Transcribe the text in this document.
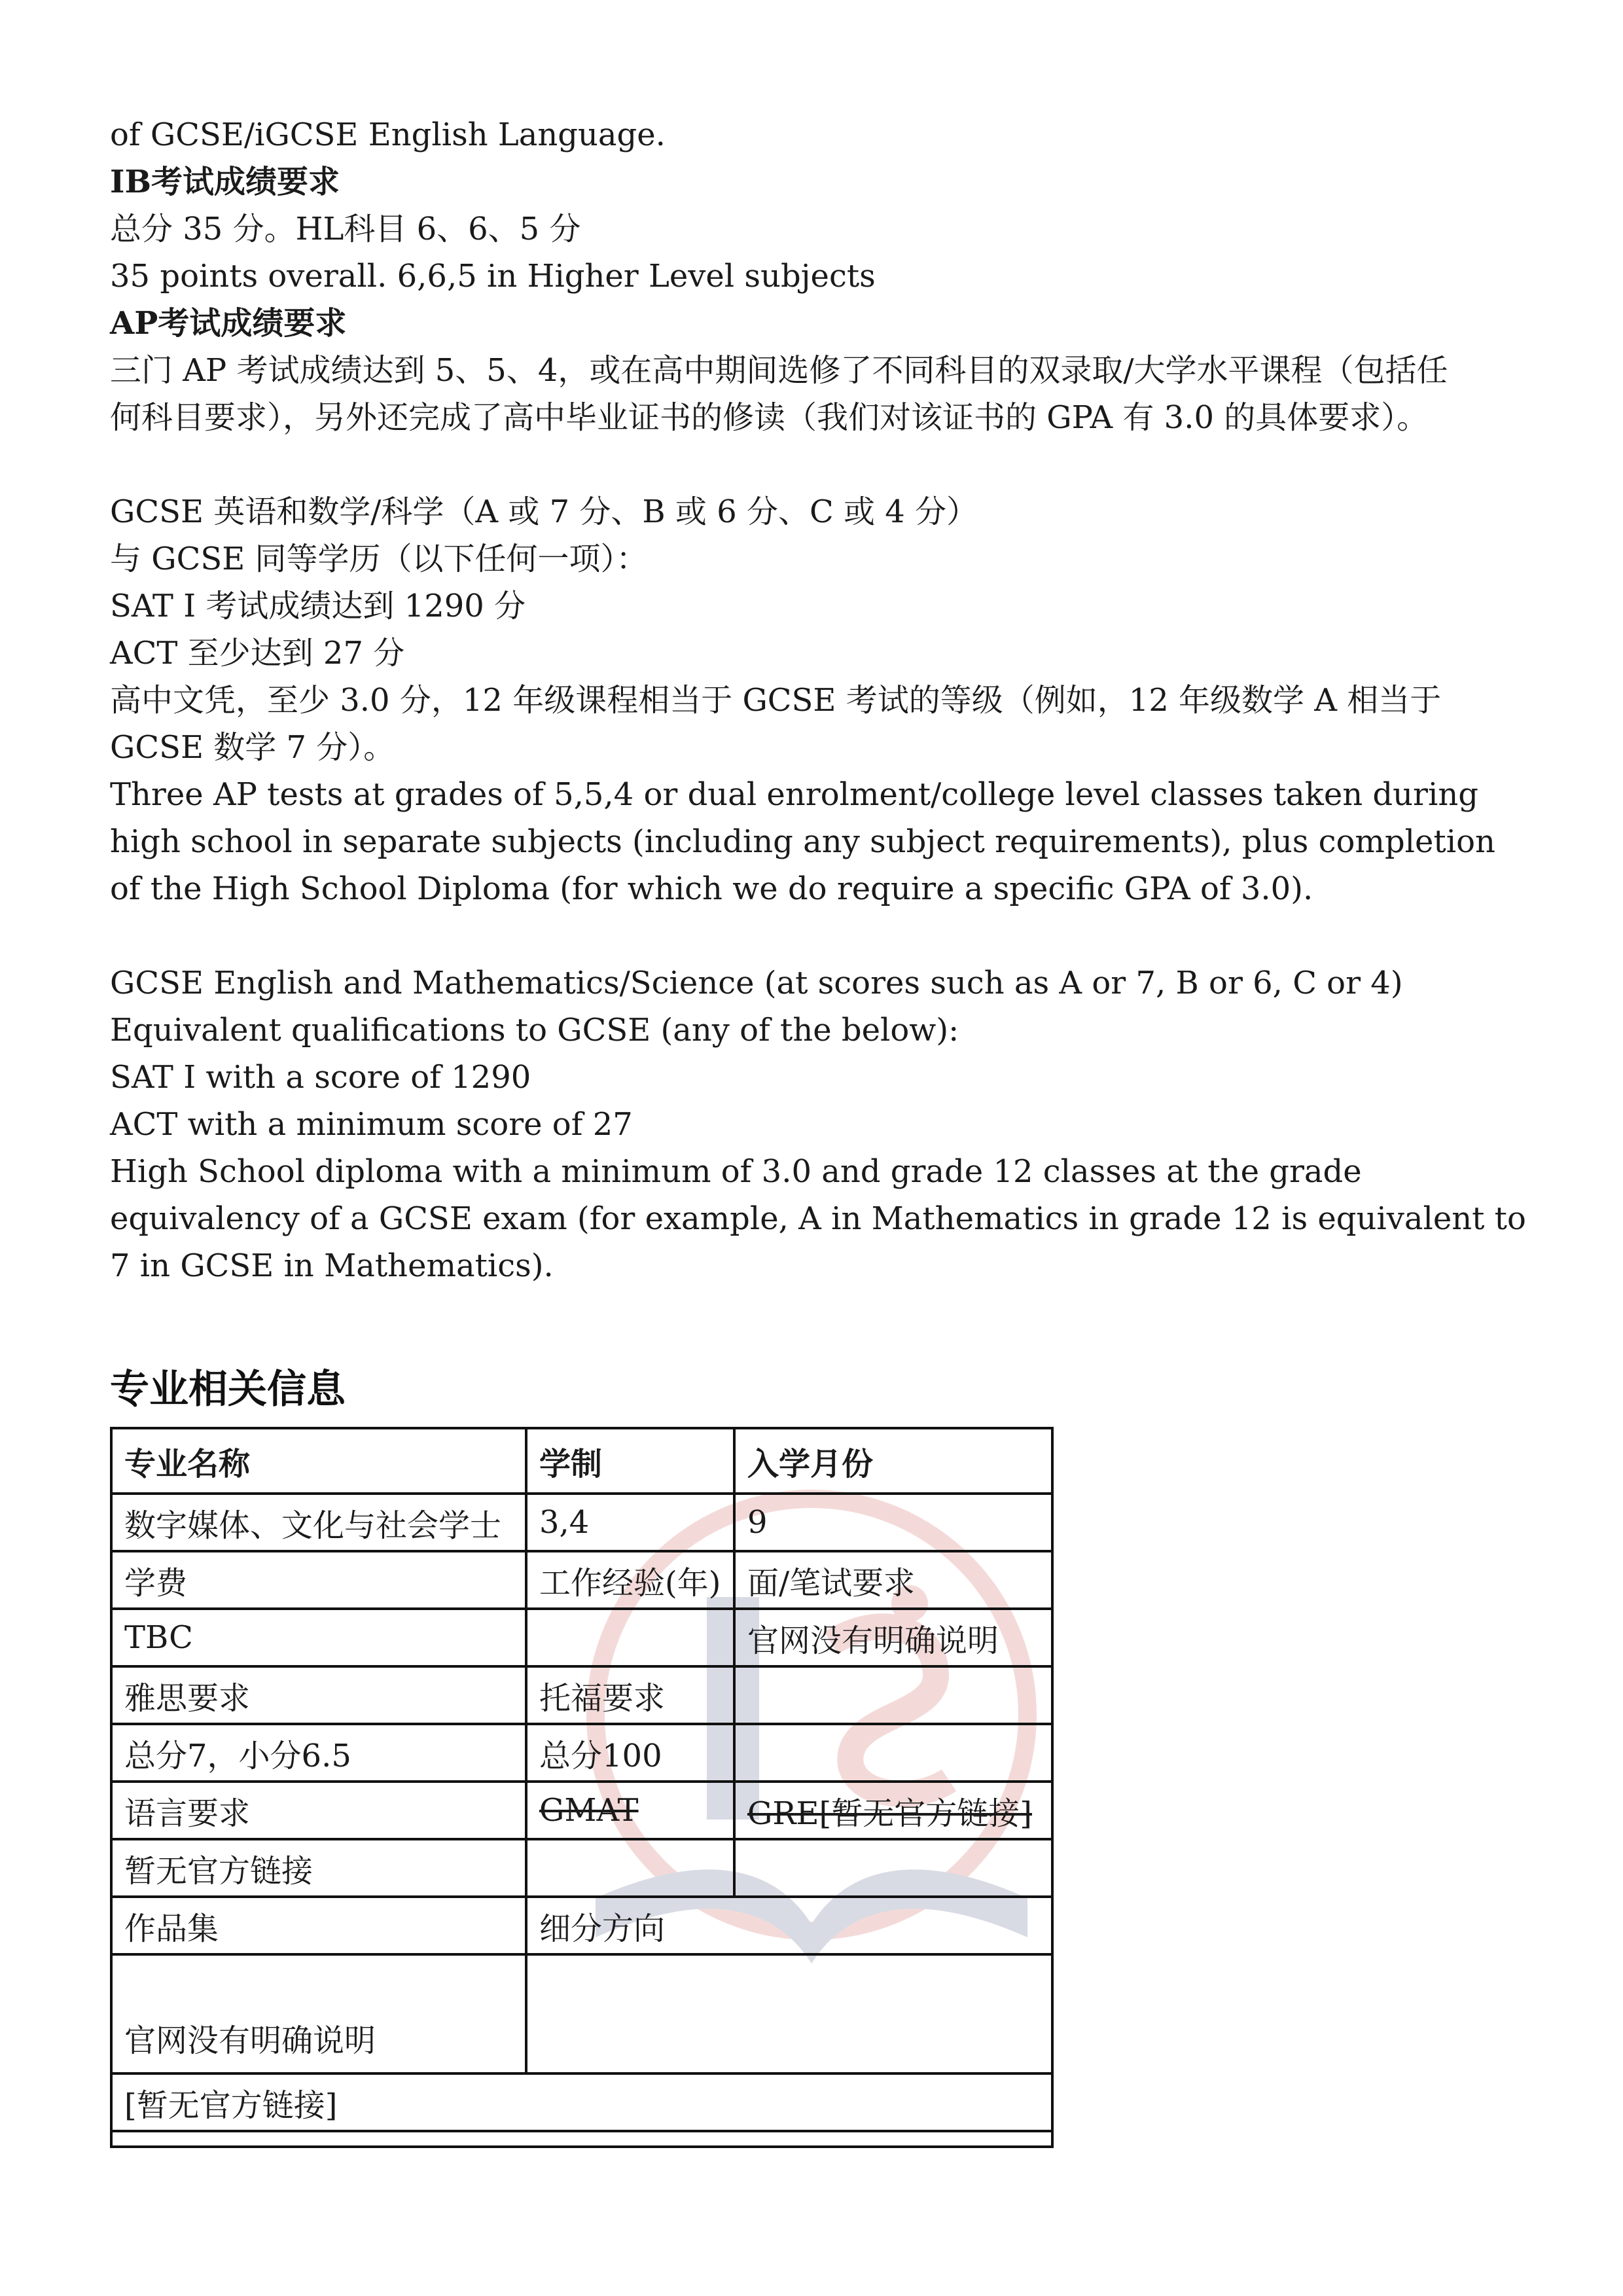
of GCSE/iGCSE English Language.
IB考试成绩要求
总分 35 分。HL科目 6、6、5 分
35 points overall. 6,6,5 in Higher Level subjects
AP考试成绩要求
三门 AP 考试成绩达到 5、5、4，或在高中期间选修了不同科目的双录取/大学水平课程（包括任
何科目要求），另外还完成了高中毕业证书的修读（我们对该证书的 GPA 有 3.0 的具体要求）。
GCSE 英语和数学/科学（A 或 7 分、B 或 6 分、C 或 4 分）
与 GCSE 同等学历（以下任何一项）：
SAT I 考试成绩达到 1290 分
ACT 至少达到 27 分
高中文凭，至少 3.0 分，12 年级课程相当于 GCSE 考试的等级（例如，12 年级数学 A 相当于
GCSE 数学 7 分）。
Three AP tests at grades of 5,5,4 or dual enrolment/college level classes taken during
high school in separate subjects (including any subject requirements), plus completion
of the High School Diploma (for which we do require a specific GPA of 3.0).
GCSE English and Mathematics/Science (at scores such as A or 7, B or 6, C or 4)
Equivalent qualifications to GCSE (any of the below):
SAT I with a score of 1290
ACT with a minimum score of 27
High School diploma with a minimum of 3.0 and grade 12 classes at the grade
equivalency of a GCSE exam (for example, A in Mathematics in grade 12 is equivalent to
7 in GCSE in Mathematics).
专业相关信息
专业名称	学制	入学月份
数字媒体、文化与社会学士	3,4	9
学费	工作经验(年)	面/笔试要求
TBC		官网没有明确说明
雅思要求	托福要求	
总分7，小分6.5	总分100	
语言要求	GMAT	GRE[暂无官方链接]
暂无官方链接		
作品集	细分方向	
官网没有明确说明		
[暂无官方链接]		
